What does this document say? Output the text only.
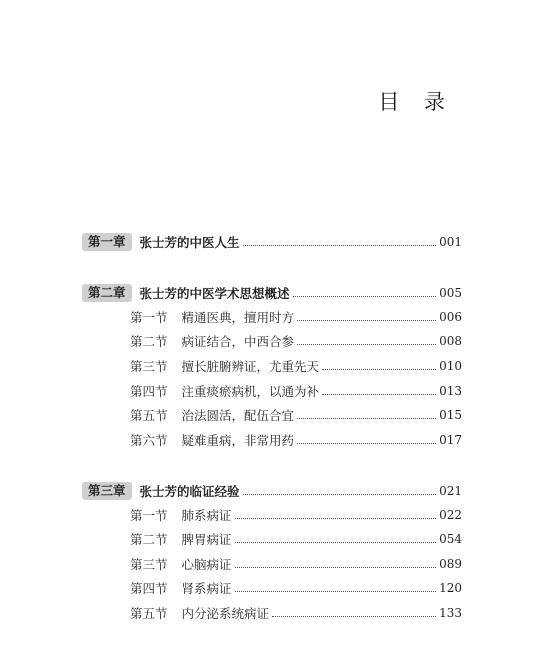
目 录
第一章	张士芳的中医人生	001
第二章	张士芳的中医学术思想概述	005
第一节 精通医典，擅用时方	006
第二节 病证结合，中西合参	008
第三节 擅长脏腑辨证，尤重先天	010
第四节 注重痰瘀病机，以通为补	013
第五节 治法圆活，配伍合宜	015
第六节 疑难重病，非常用药	017
第三章	张士芳的临证经验	021
第一节 肺系病证	022
第二节 脾胃病证	054
第三节 心脑病证	089
第四节 肾系病证	120
第五节 内分泌系统病证	133
